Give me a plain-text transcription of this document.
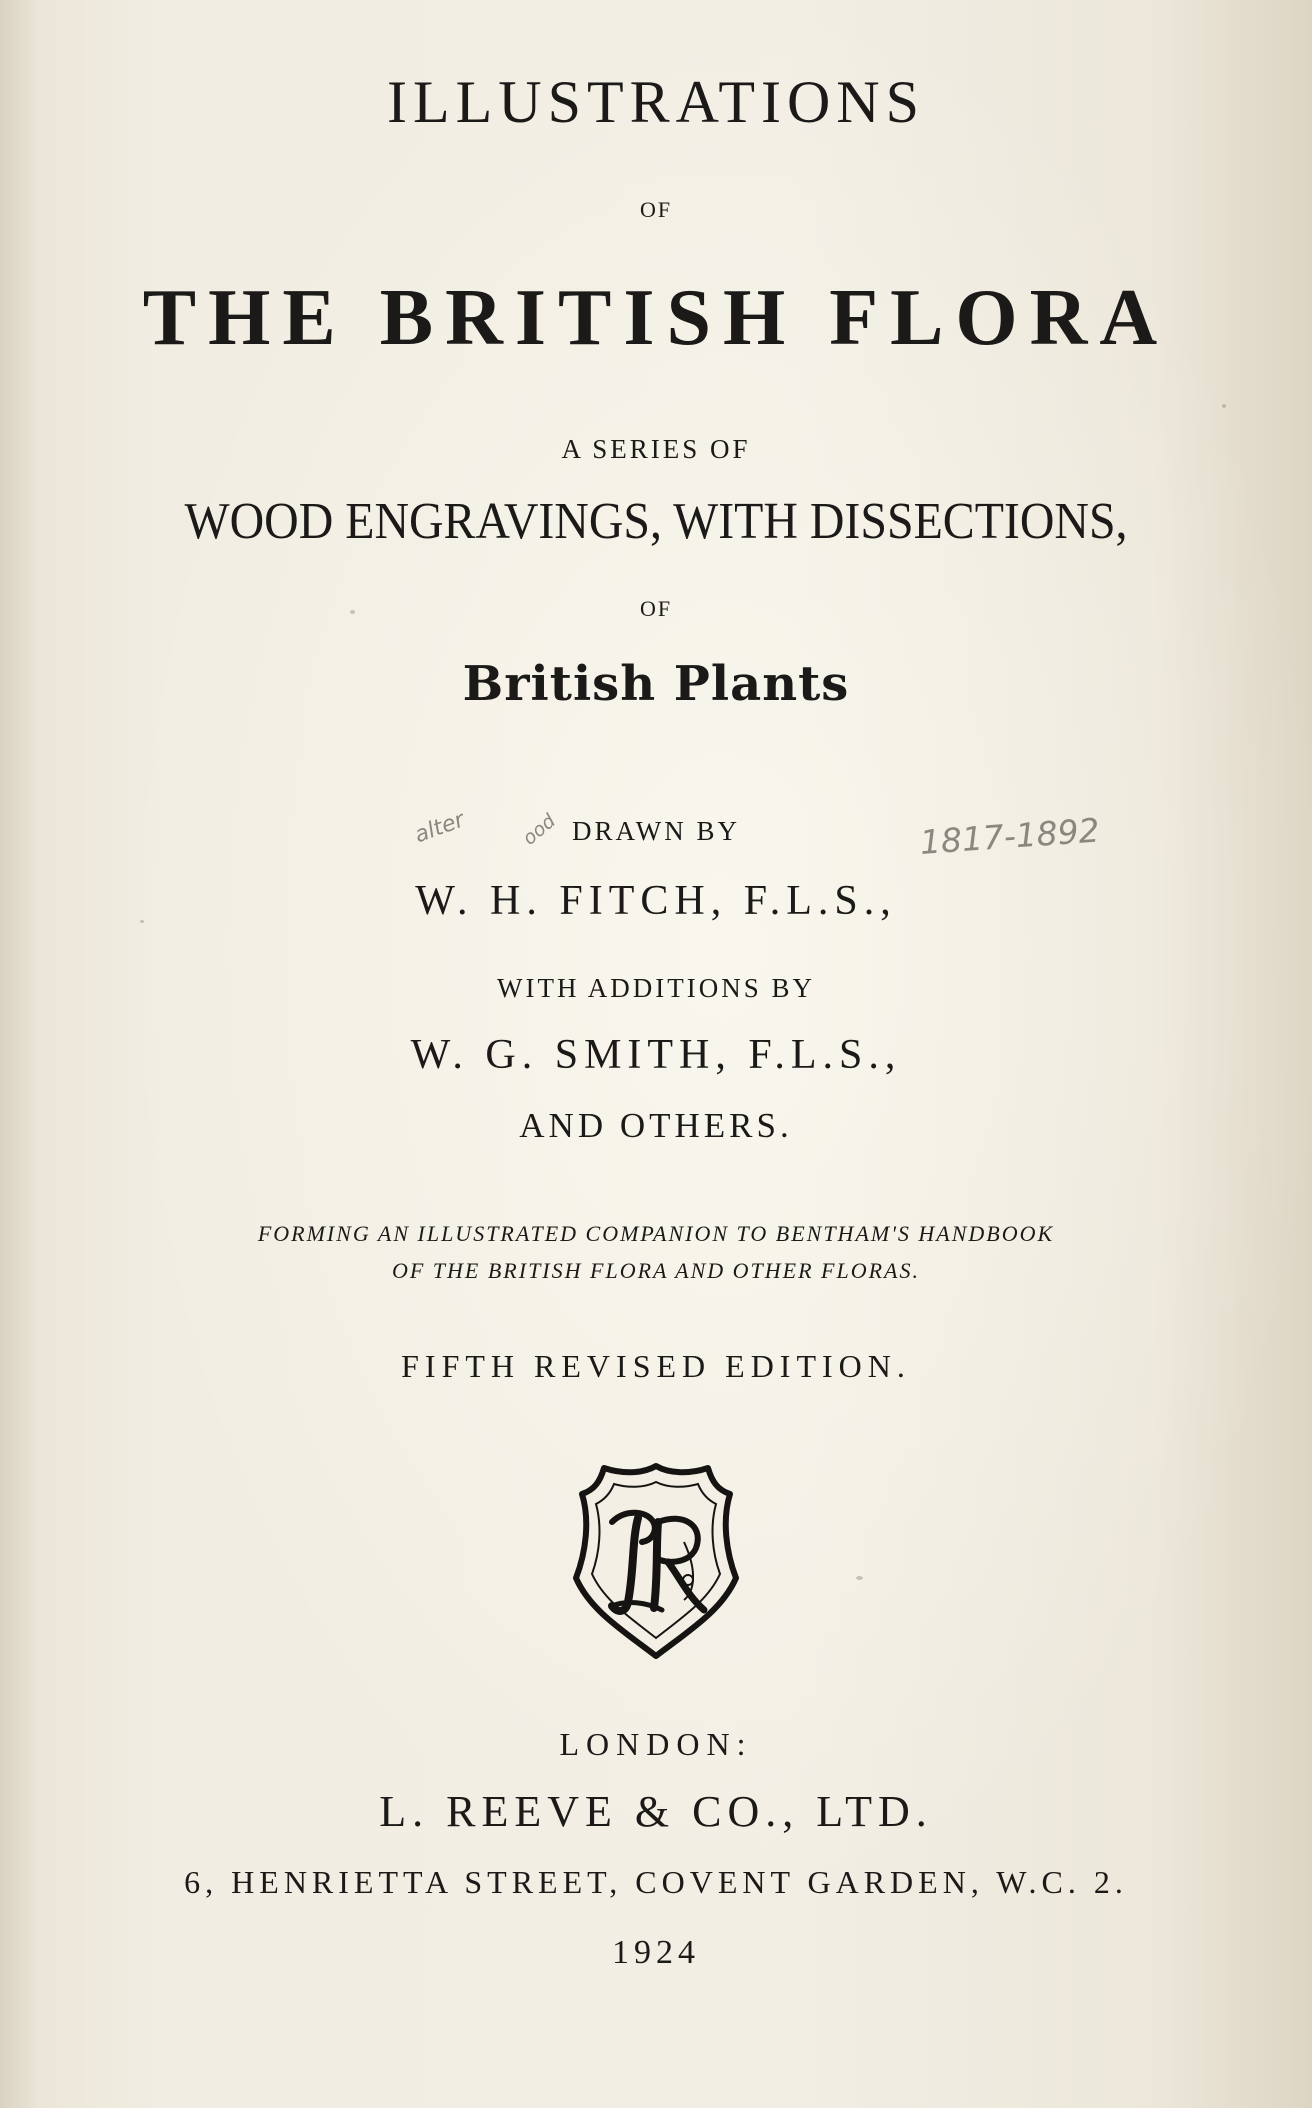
ILLUSTRATIONS
OF
THE BRITISH FLORA
A SERIES OF
WOOD ENGRAVINGS, WITH DISSECTIONS,
OF
British Plants
DRAWN BY
W. H. FITCH, F.L.S.,
WITH ADDITIONS BY
W. G. SMITH, F.L.S.,
AND OTHERS.
FORMING AN ILLUSTRATED COMPANION TO BENTHAM'S HANDBOOK
OF THE BRITISH FLORA AND OTHER FLORAS.
FIFTH REVISED EDITION.
LONDON:
L. REEVE & CO., LTD.
6, HENRIETTA STREET, COVENT GARDEN, W.C. 2.
1924
alter	ood	1817-1892
